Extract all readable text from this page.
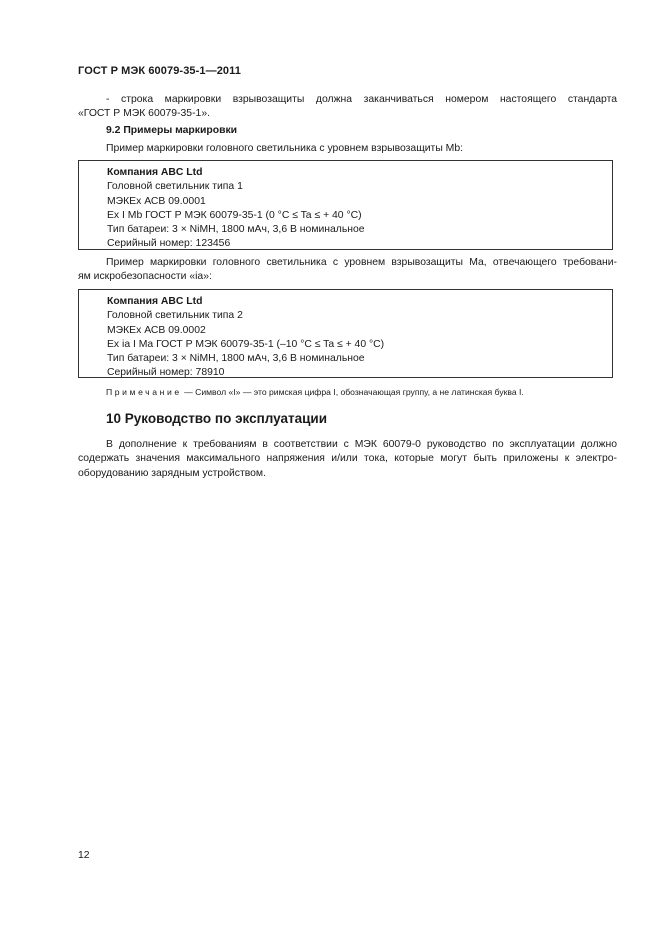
ГОСТ Р МЭК 60079-35-1—2011
- строка маркировки взрывозащиты должна заканчиваться номером настоящего стандарта
«ГОСТ Р МЭК 60079-35-1».
9.2 Примеры маркировки
Пример маркировки головного светильника с уровнем взрывозащиты Mb:
Компания ABC Ltd
Головной светильник типа 1
МЭКЕх АСВ 09.0001
Ex I Mb ГОСТ Р МЭК 60079-35-1 (0 °C ≤ Ta ≤ + 40 °C)
Тип батареи: 3 × NiMH, 1800 мАч, 3,6 В номинальное
Серийный номер: 123456
Пример маркировки головного светильника с уровнем взрывозащиты Ма, отвечающего требовани-
ям искробезопасности «ia»:
Компания ABC Ltd
Головной светильник типа 2
МЭКЕх АСВ 09.0002
Ex ia I Ma ГОСТ Р МЭК 60079-35-1 (–10 °C ≤ Ta ≤ + 40 °C)
Тип батареи: 3 × NiMH, 1800 мАч, 3,6 В номинальное
Серийный номер: 78910
Примечание — Символ «I» — это римская цифра I, обозначающая группу, а не латинская буква I.
10 Руководство по эксплуатации
В дополнение к требованиям в соответствии с МЭК 60079-0 руководство по эксплуатации должно
содержать значения максимального напряжения и/или тока, которые могут быть приложены к электро-
оборудованию зарядным устройством.
12
